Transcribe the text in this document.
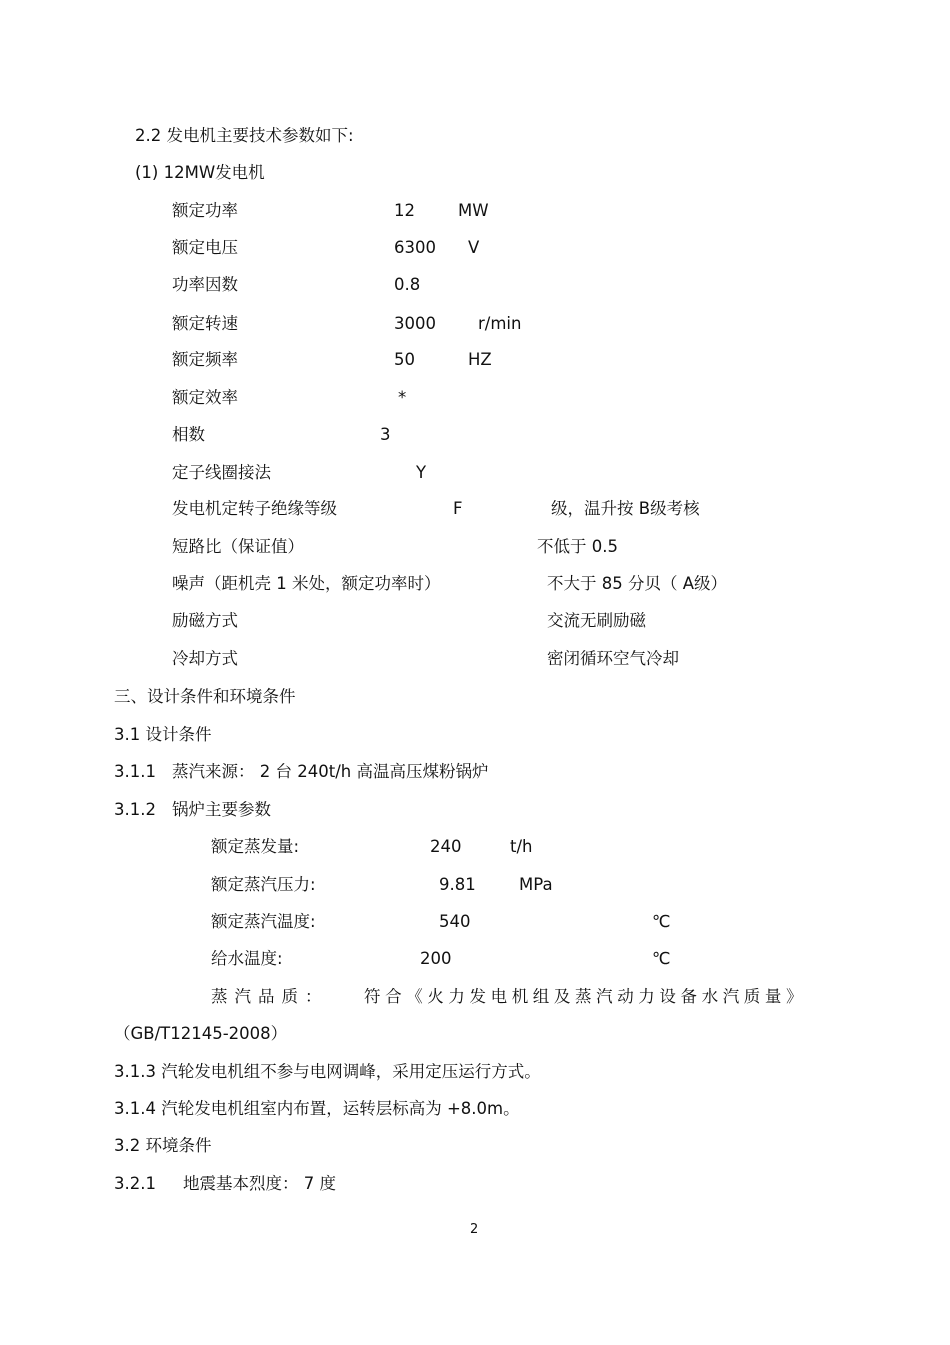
2.2 发电机主要技术参数如下:
(1) 12MW发电机
额定功率	12	MW
额定电压	6300 V
功率因数	0.8
额定转速	3000	r/min
额定频率	50	HZ
额定效率	*
相数	3
定子线圈接法	Y
发电机定转子绝缘等级	F	级，温升按 B级考核
短路比（保证值）	不低于 0.5
噪声（距机壳 1 米处，额定功率时）	不大于 85 分贝（ A级）
励磁方式	交流无刷励磁
冷却方式	密闭循环空气冷却
三、设计条件和环境条件
3.1 设计条件
3.1.1 蒸汽来源： 2 台 240t/h 高温高压煤粉锅炉
3.1.2 锅炉主要参数
额定蒸发量:	240	t/h
额定蒸汽压力:	9.81	MPa
额定蒸汽温度:	540	℃
给水温度:	200	℃
蒸汽品质： 符合《火力发电机组及蒸汽动力设备水汽质量》
（GB/T12145-2008）
3.1.3 汽轮发电机组不参与电网调峰，采用定压运行方式。
3.1.4 汽轮发电机组室内布置，运转层标高为 +8.0m。
3.2 环境条件
3.2.1 地震基本烈度： 7 度
2
